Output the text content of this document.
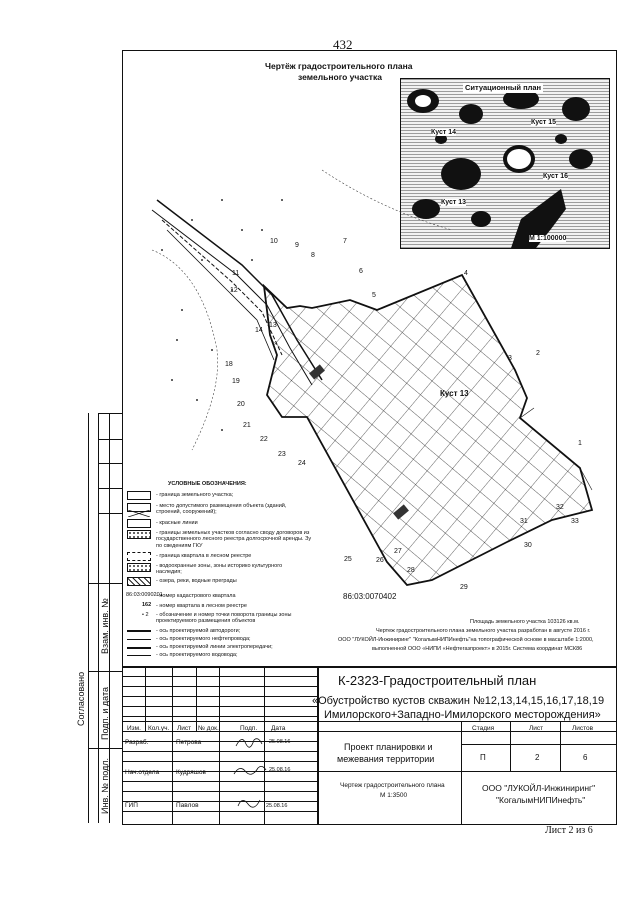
432
Согласовано
Взам. инв. №
Подп. и дата
Инв. № подл.
Чертёж градостроительного плана
земельного участка
Ситуационный план
Куст 14
Куст 15
Куст 16
Куст 13
М 1:100000
1
2
3
4
5
6
7
8
9
10
11
12
13
14
18
19
20
21
22
23
24
25	26
27
28
29
30
31
32
33
Куст 13
86:03:0070402
УСЛОВНЫЕ ОБОЗНАЧЕНИЯ:
- граница земельного участка;
- место допустимого размещения объекта (зданий, строений, сооружений);
- красные линии
- границы земельных участков согласно своду договоров из государственного лесного реестра долгосрочной аренды. Зу по сведениям ГКУ
- граница квартала в лесном реестре
- водоохранные зоны, зоны историко культурного наследия;
- озера, реки, водные преграды
86:03:0090201
- номер кадастрового квартала
162 - номер квартала в лесном реестре
• 2 - обозначение и номер точки поворота границы зоны проектируемого размещения объектов
- ось проектируемой автодороги;
- ось проектируемого нефтепровода;
- ось проектируемой линии электропередачи;
- ось проектируемого водовода;
Площадь земельного участка 103126 кв.м.
Чертеж градостроительного плана земельного участка разработан в августе 2016 г.
ООО "ЛУКОЙЛ-Инжиниринг" "КогалымНИПИнефть"на топографической основе в масштабе 1:2000,
выполненной ООО «НИПИ «Нефтегазпроект» в 2015г. Система координат МСК86
К-2323-Градостроительный план
«Обустройство кустов скважин №12,13,14,15,16,17,18,19
Имилорского+Западно-Имилорского месторождения»
Изм. Кол.уч. Лист № док.	Подп. Дата
Разраб.	Петрова	25.08.16
Нач.отдела	Кудряшов	25.08.16
ГИП	Павлов	25.08.16
Проект планировки и
межевания территории
Стадия	Лист	Листов
П	2	6
Чертеж градостроительного плана
М 1:3500
ООО "ЛУКОЙЛ-Инжиниринг"
"КогалымНИПИнефть"
Лист 2 из 6
